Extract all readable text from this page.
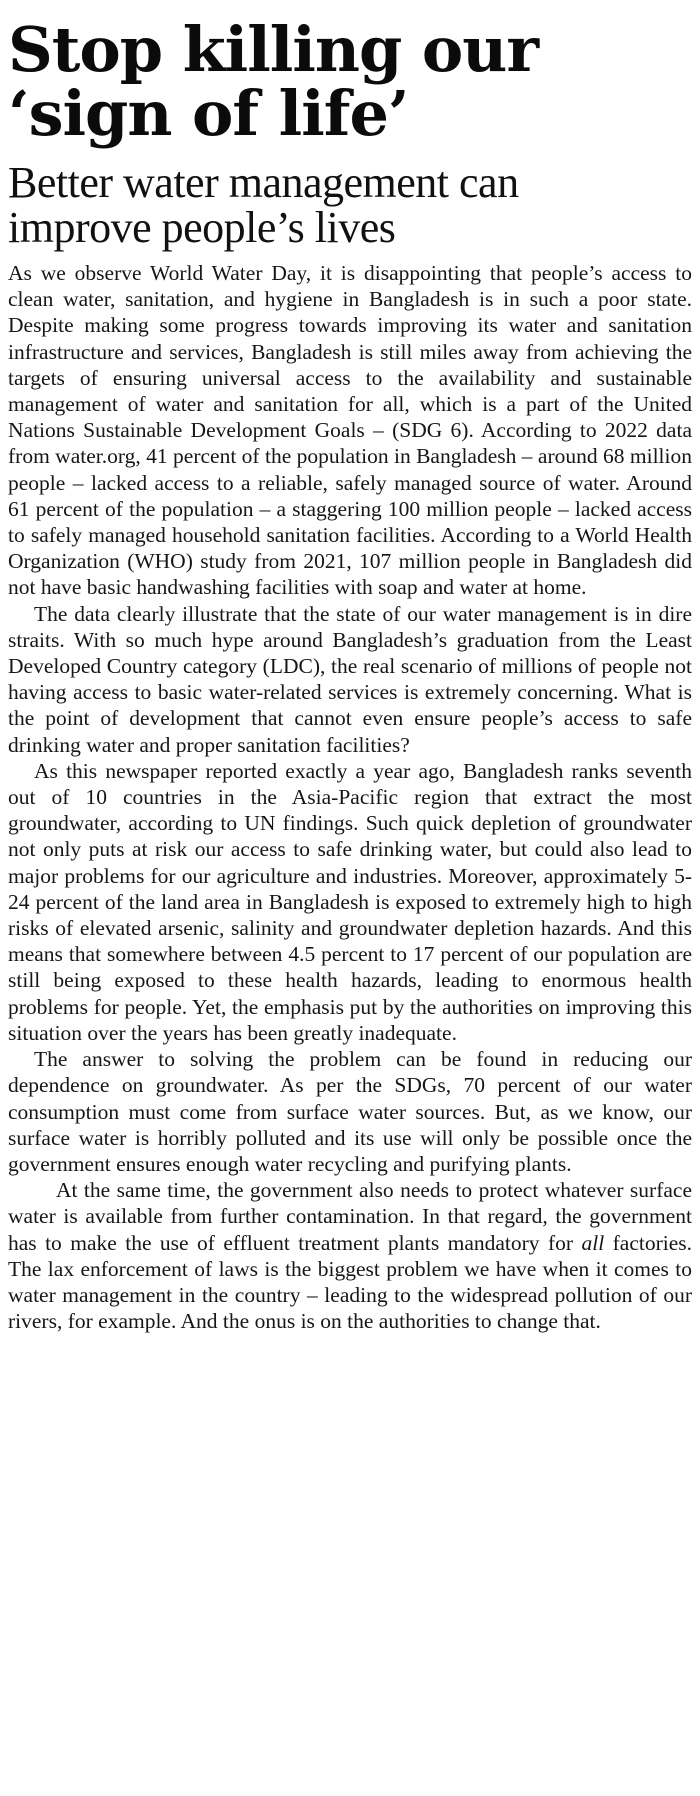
Stop killing our
‘sign of life’
Better water management can
improve people’s lives

As we observe World Water Day, it is disappointing that people’s access to clean water, sanitation, and hygiene in Bangladesh is in such a poor state. Despite making some progress towards improving its water and sanitation infrastructure and services, Bangladesh is still miles away from achieving the targets of ensuring universal access to the availability and sustainable management of water and sanitation for all, which is a part of the United Nations Sustainable Development Goals – (SDG 6). According to 2022 data from water.org, 41 percent of the population in Bangladesh – around 68 million people – lacked access to a reliable, safely managed source of water. Around 61 percent of the population – a staggering 100 million people – lacked access to safely managed household sanitation facilities. According to a World Health Organization (WHO) study from 2021, 107 million people in Bangladesh did not have basic handwashing facilities with soap and water at home.

The data clearly illustrate that the state of our water management is in dire straits. With so much hype around Bangladesh’s graduation from the Least Developed Country category (LDC), the real scenario of millions of people not having access to basic water-related services is extremely concerning. What is the point of development that cannot even ensure people’s access to safe drinking water and proper sanitation facilities?

As this newspaper reported exactly a year ago, Bangladesh ranks seventh out of 10 countries in the Asia-Pacific region that extract the most groundwater, according to UN findings. Such quick depletion of groundwater not only puts at risk our access to safe drinking water, but could also lead to major problems for our agriculture and industries. Moreover, approximately 5-24 percent of the land area in Bangladesh is exposed to extremely high to high risks of elevated arsenic, salinity and groundwater depletion hazards. And this means that somewhere between 4.5 percent to 17 percent of our population are still being exposed to these health hazards, leading to enormous health problems for people. Yet, the emphasis put by the authorities on improving this situation over the years has been greatly inadequate.

The answer to solving the problem can be found in reducing our dependence on groundwater. As per the SDGs, 70 percent of our water consumption must come from surface water sources. But, as we know, our surface water is horribly polluted and its use will only be possible once the government ensures enough water recycling and purifying plants.

At the same time, the government also needs to protect whatever surface water is available from further contamination. In that regard, the government has to make the use of effluent treatment plants mandatory for all factories. The lax enforcement of laws is the biggest problem we have when it comes to water management in the country – leading to the widespread pollution of our rivers, for example. And the onus is on the authorities to change that.
